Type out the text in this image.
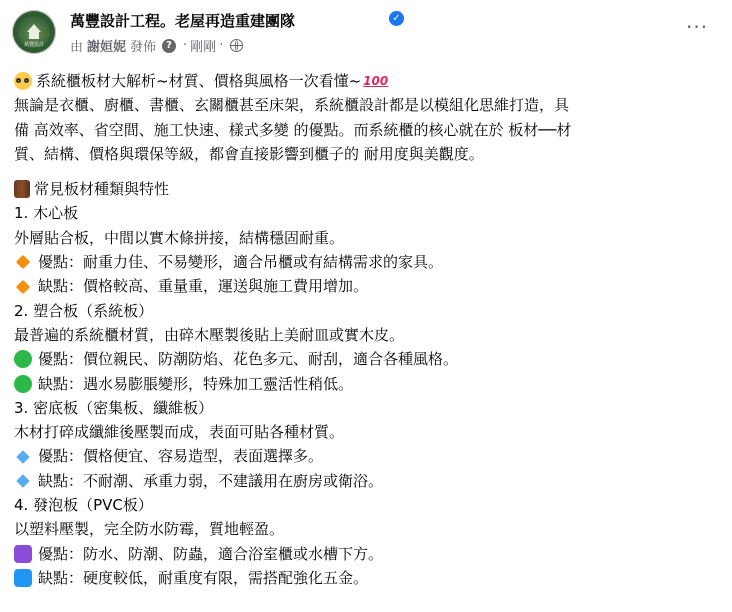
萬豐設計
萬豐設計工程。老屋再造重建團隊	✓
由 謝姮妮 發佈	? · 剛剛 ·
···
系統櫃板材大解析~材質、價格與風格一次看懂~ 100
無論是衣櫃、廚櫃、書櫃、玄關櫃甚至床架，系統櫃設計都是以模組化思維打造，具
備 高效率、省空間、施工快速、樣式多變 的優點。而系統櫃的核心就在於 板材──材
質、結構、價格與環保等級，都會直接影響到櫃子的 耐用度與美觀度。
常見板材種類與特性
1. 木心板
外層貼合板，中間以實木條拼接，結構穩固耐重。
優點：耐重力佳、不易變形，適合吊櫃或有結構需求的家具。
缺點：價格較高、重量重，運送與施工費用增加。
2. 塑合板（系統板）
最普遍的系統櫃材質，由碎木壓製後貼上美耐皿或實木皮。
優點：價位親民、防潮防焰、花色多元、耐刮，適合各種風格。
缺點：遇水易膨脹變形，特殊加工靈活性稍低。
3. 密底板（密集板、纖維板）
木材打碎成纖維後壓製而成，表面可貼各種材質。
優點：價格便宜、容易造型，表面選擇多。
缺點：不耐潮、承重力弱，不建議用在廚房或衛浴。
4. 發泡板（PVC板）
以塑料壓製，完全防水防霉，質地輕盈。
優點：防水、防潮、防蟲，適合浴室櫃或水槽下方。
缺點：硬度較低，耐重度有限，需搭配強化五金。
